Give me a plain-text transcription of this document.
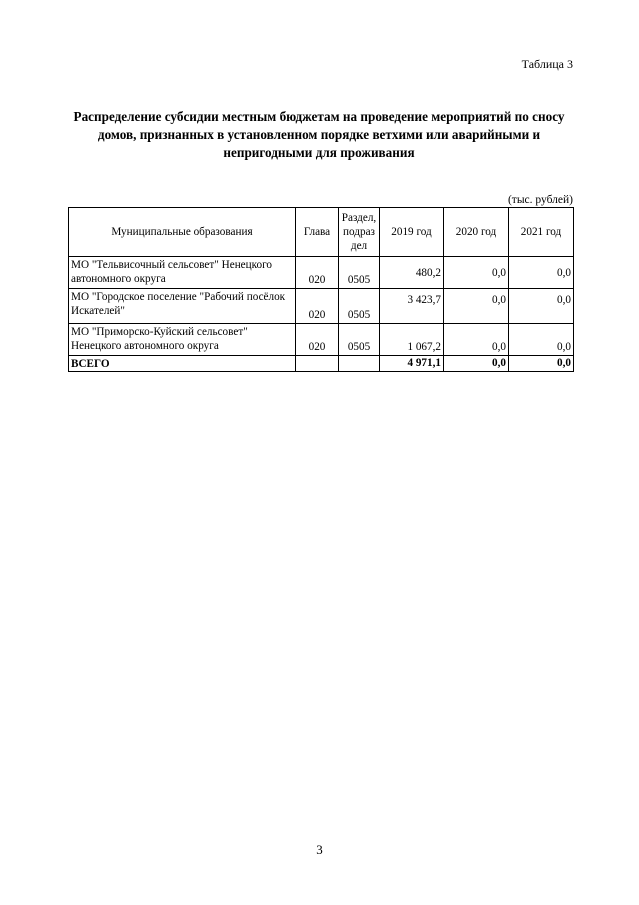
Таблица 3
Распределение субсидии местным бюджетам на проведение мероприятий по сносу домов, признанных в установленном порядке ветхими или аварийными и непригодными для проживания
(тыс. рублей)
Муниципальные образования	Глава	Раздел, подраз дел	2019 год	2020 год	2021 год
МО "Тельвисочный сельсовет" Ненецкого автономного округа	020	0505	480,2	0,0	0,0
МО "Городское поселение "Рабочий посёлок Искателей"	020	0505	3 423,7	0,0	0,0
МО "Приморско-Куйский сельсовет" Ненецкого автономного округа	020	0505	1 067,2	0,0	0,0
ВСЕГО			4 971,1	0,0	0,0
3
